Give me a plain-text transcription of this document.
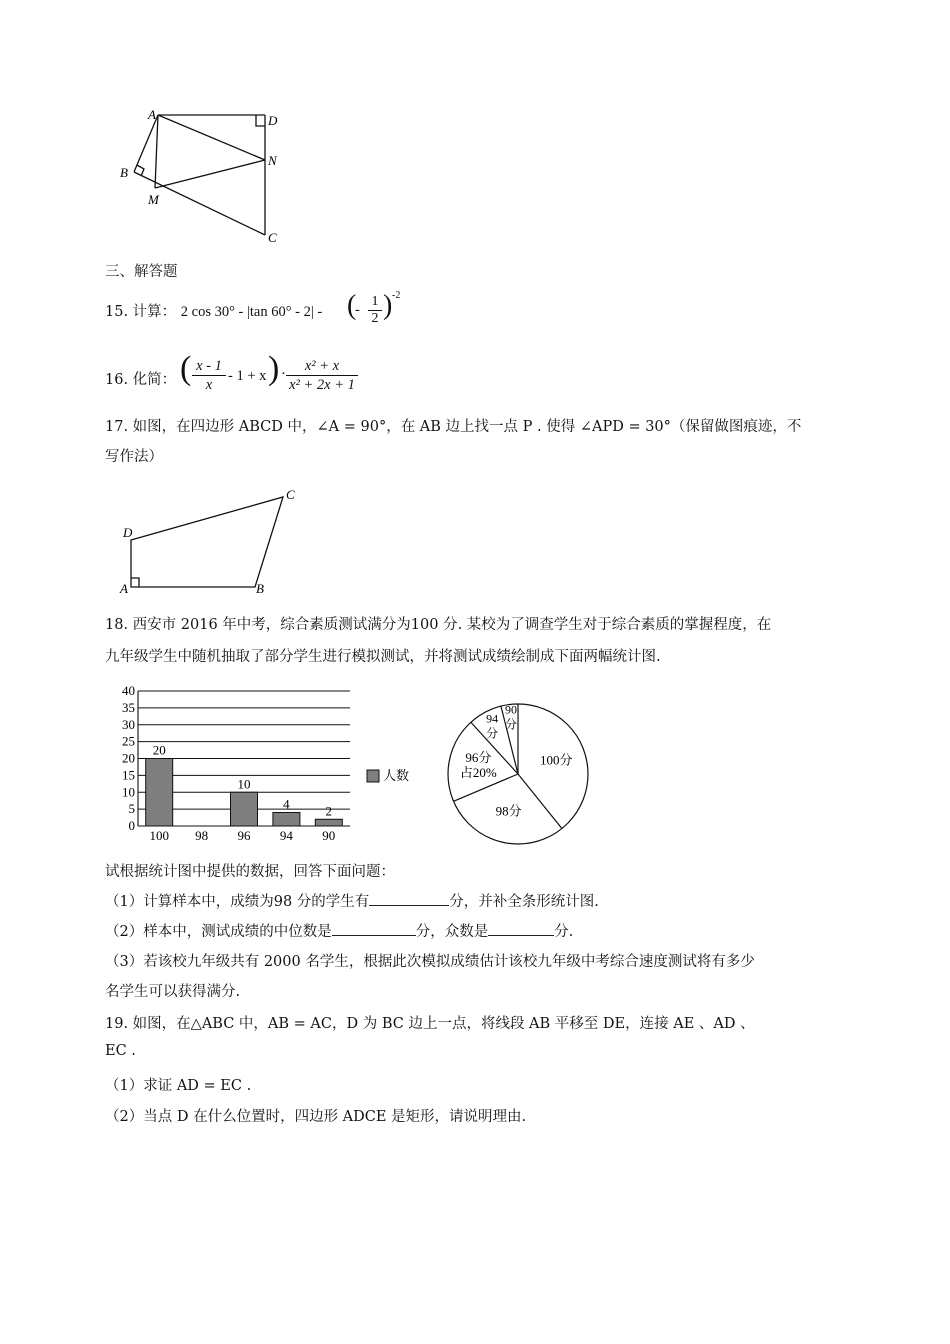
A	D
N
B
M
C
三、解答题
15. 计算： 2 cos 30° - |tan 60° - 2| - (
- $\frac{1}{2}$ ) -2
16. 化简： ( $\frac{x - 1}{x} - 1 + x$ ) · $\frac{\text{x² + x}}{\text{x² + 2x + 1}}$
17. 如图，在四边形 ABCD 中，∠A = 90°，在 AB 边上找一点 P . 使得 ∠APD = 30°（保留做图痕迹，不
写作法）
D
C
A	B
18. 西安市 2016 年中考，综合素质测试满分为100 分. 某校为了调查学生对于综合素质的掌握程度，在
九年级学生中随机抽取了部分学生进行模拟测试，并将测试成绩绘制成下面两幅统计图.
0
5
10
15
20
25
30
35
40
20
10
4	2
100 98 96 94 90
人数
100分
98分
96分占20%
94 分
90 分
试根据统计图中提供的数据，回答下面问题：
（1）计算样本中，成绩为98 分的学生有	分，并补全条形统计图.
（2）样本中，测试成绩的中位数是	分，众数是	分.
（3）若该校九年级共有 2000 名学生，根据此次模拟成绩估计该校九年级中考综合速度测试将有多少
名学生可以获得满分.
19. 如图，在△ABC 中，AB = AC，D 为 BC 边上一点，将线段 AB 平移至 DE，连接 AE 、AD 、
EC .
（1）求证 AD = EC .
（2）当点 D 在什么位置时，四边形 ADCE 是矩形，请说明理由.
